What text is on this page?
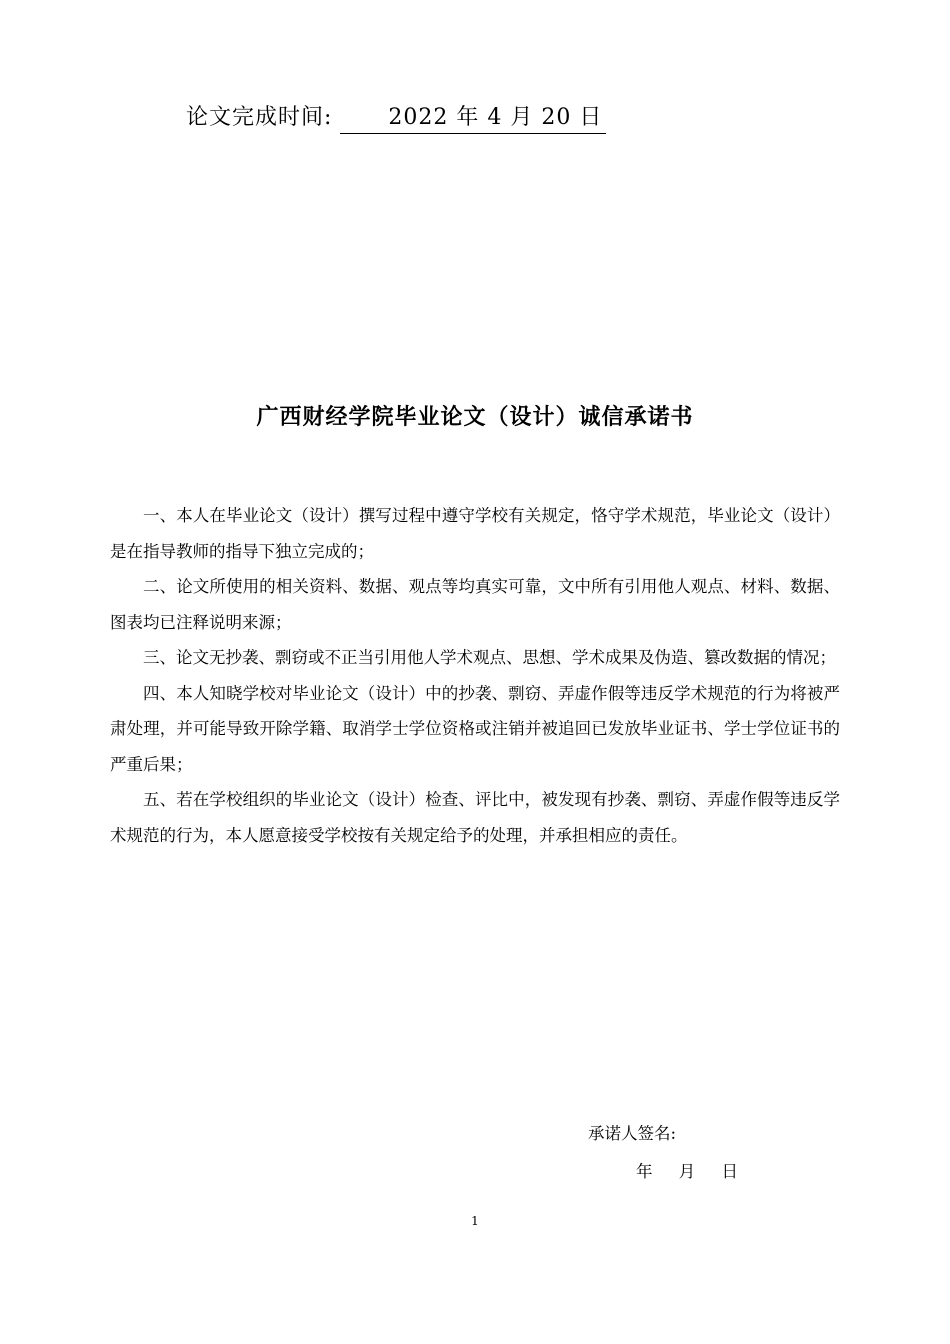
论文完成时间:	2022 年 4 月 20 日
广西财经学院毕业论文（设计）诚信承诺书

一、本人在毕业论文（设计）撰写过程中遵守学校有关规定，恪守学术规范，毕业论文（设计）是在指导教师的指导下独立完成的；

二、论文所使用的相关资料、数据、观点等均真实可靠，文中所有引用他人观点、材料、数据、图表均已注释说明来源；

三、论文无抄袭、剽窃或不正当引用他人学术观点、思想、学术成果及伪造、篡改数据的情况；

四、本人知晓学校对毕业论文（设计）中的抄袭、剽窃、弄虚作假等违反学术规范的行为将被严肃处理，并可能导致开除学籍、取消学士学位资格或注销并被追回已发放毕业证书、学士学位证书的严重后果；

五、若在学校组织的毕业论文（设计）检查、评比中，被发现有抄袭、剽窃、弄虚作假等违反学术规范的行为，本人愿意接受学校按有关规定给予的处理，并承担相应的责任。

承诺人签名:
年     月     日
1
